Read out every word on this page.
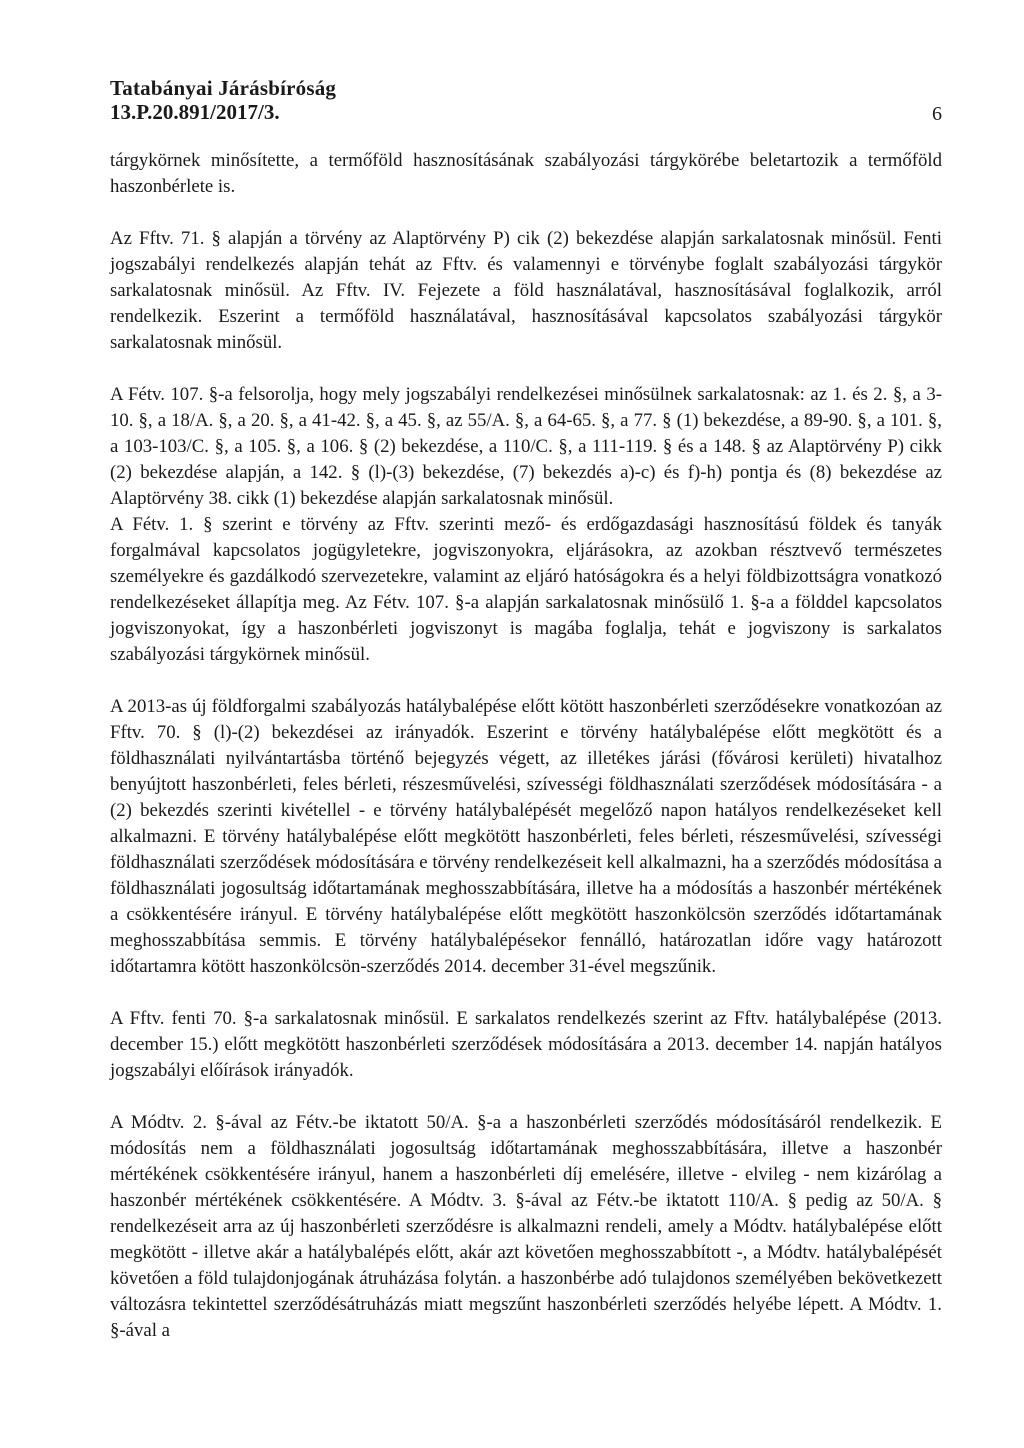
Tatabányai Járásbíróság
13.P.20.891/2017/3.	6

tárgykörnek minősítette, a termőföld hasznosításának szabályozási tárgykörébe beletartozik a termőföld haszonbérlete is.

Az Fftv. 71. § alapján a törvény az Alaptörvény P) cik (2) bekezdése alapján sarkalatosnak minősül. Fenti jogszabályi rendelkezés alapján tehát az Fftv. és valamennyi e törvénybe foglalt szabályozási tárgykör sarkalatosnak minősül. Az Fftv. IV. Fejezete a föld használatával, hasznosításával foglalkozik, arról rendelkezik. Eszerint a termőföld használatával, hasznosításával kapcsolatos szabályozási tárgykör sarkalatosnak minősül.

A Fétv. 107. §-a felsorolja, hogy mely jogszabályi rendelkezései minősülnek sarkalatosnak: az 1. és 2. §, a 3-10. §, a 18/A. §, a 20. §, a 41-42. §, a 45. §, az 55/A. §, a 64-65. §, a 77. § (1) bekezdése, a 89-90. §, a 101. §, a 103-103/C. §, a 105. §, a 106. § (2) bekezdése, a 110/C. §, a 111-119. § és a 148. § az Alaptörvény P) cikk (2) bekezdése alapján, a 142. § (l)-(3) bekezdése, (7) bekezdés a)-c) és f)-h) pontja és (8) bekezdése az Alaptörvény 38. cikk (1) bekezdése alapján sarkalatosnak minősül.

A Fétv. 1. § szerint e törvény az Fftv. szerinti mező- és erdőgazdasági hasznosítású földek és tanyák forgalmával kapcsolatos jogügyletekre, jogviszonyokra, eljárásokra, az azokban résztvevő természetes személyekre és gazdálkodó szervezetekre, valamint az eljáró hatóságokra és a helyi földbizottságra vonatkozó rendelkezéseket állapítja meg. Az Fétv. 107. §-a alapján sarkalatosnak minősülő 1. §-a a földdel kapcsolatos jogviszonyokat, így a haszonbérleti jogviszonyt is magába foglalja, tehát e jogviszony is sarkalatos szabályozási tárgykörnek minősül.

A 2013-as új földforgalmi szabályozás hatálybalépése előtt kötött haszonbérleti szerződésekre vonatkozóan az Fftv. 70. § (l)-(2) bekezdései az irányadók. Eszerint e törvény hatálybalépése előtt megkötött és a földhasználati nyilvántartásba történő bejegyzés végett, az illetékes járási (fővárosi kerületi) hivatalhoz benyújtott haszonbérleti, feles bérleti, részesművelési, szívességi földhasználati szerződések módosítására - a (2) bekezdés szerinti kivétellel - e törvény hatálybalépését megelőző napon hatályos rendelkezéseket kell alkalmazni. E törvény hatálybalépése előtt megkötött haszonbérleti, feles bérleti, részesművelési, szívességi földhasználati szerződések módosítására e törvény rendelkezéseit kell alkalmazni, ha a szerződés módosítása a földhasználati jogosultság időtartamának meghosszabbítására, illetve ha a módosítás a haszonbér mértékének a csökkentésére irányul. E törvény hatálybalépése előtt megkötött haszonkölcsön szerződés időtartamának meghosszabbítása semmis. E törvény hatálybalépésekor fennálló, határozatlan időre vagy határozott időtartamra kötött haszonkölcsön-szerződés 2014. december 31-ével megszűnik.

A Fftv. fenti 70. §-a sarkalatosnak minősül. E sarkalatos rendelkezés szerint az Fftv. hatálybalépése (2013. december 15.) előtt megkötött haszonbérleti szerződések módosítására a 2013. december 14. napján hatályos jogszabályi előírások irányadók.

A Módtv. 2. §-ával az Fétv.-be iktatott 50/A. §-a a haszonbérleti szerződés módosításáról rendelkezik. E módosítás nem a földhasználati jogosultság időtartamának meghosszabbítására, illetve a haszonbér mértékének csökkentésére irányul, hanem a haszonbérleti díj emelésére, illetve - elvileg - nem kizárólag a haszonbér mértékének csökkentésére. A Módtv. 3. §-ával az Fétv.-be iktatott 110/A. § pedig az 50/A. § rendelkezéseit arra az új haszonbérleti szerződésre is alkalmazni rendeli, amely a Módtv. hatálybalépése előtt megkötött - illetve akár a hatálybalépés előtt, akár azt követően meghosszabbított -, a Módtv. hatálybalépését követően a föld tulajdonjogának átruházása folytán. a haszonbérbe adó tulajdonos személyében bekövetkezett változásra tekintettel szerződésátruházás miatt megszűnt haszonbérleti szerződés helyébe lépett. A Módtv. 1. §-ával a
